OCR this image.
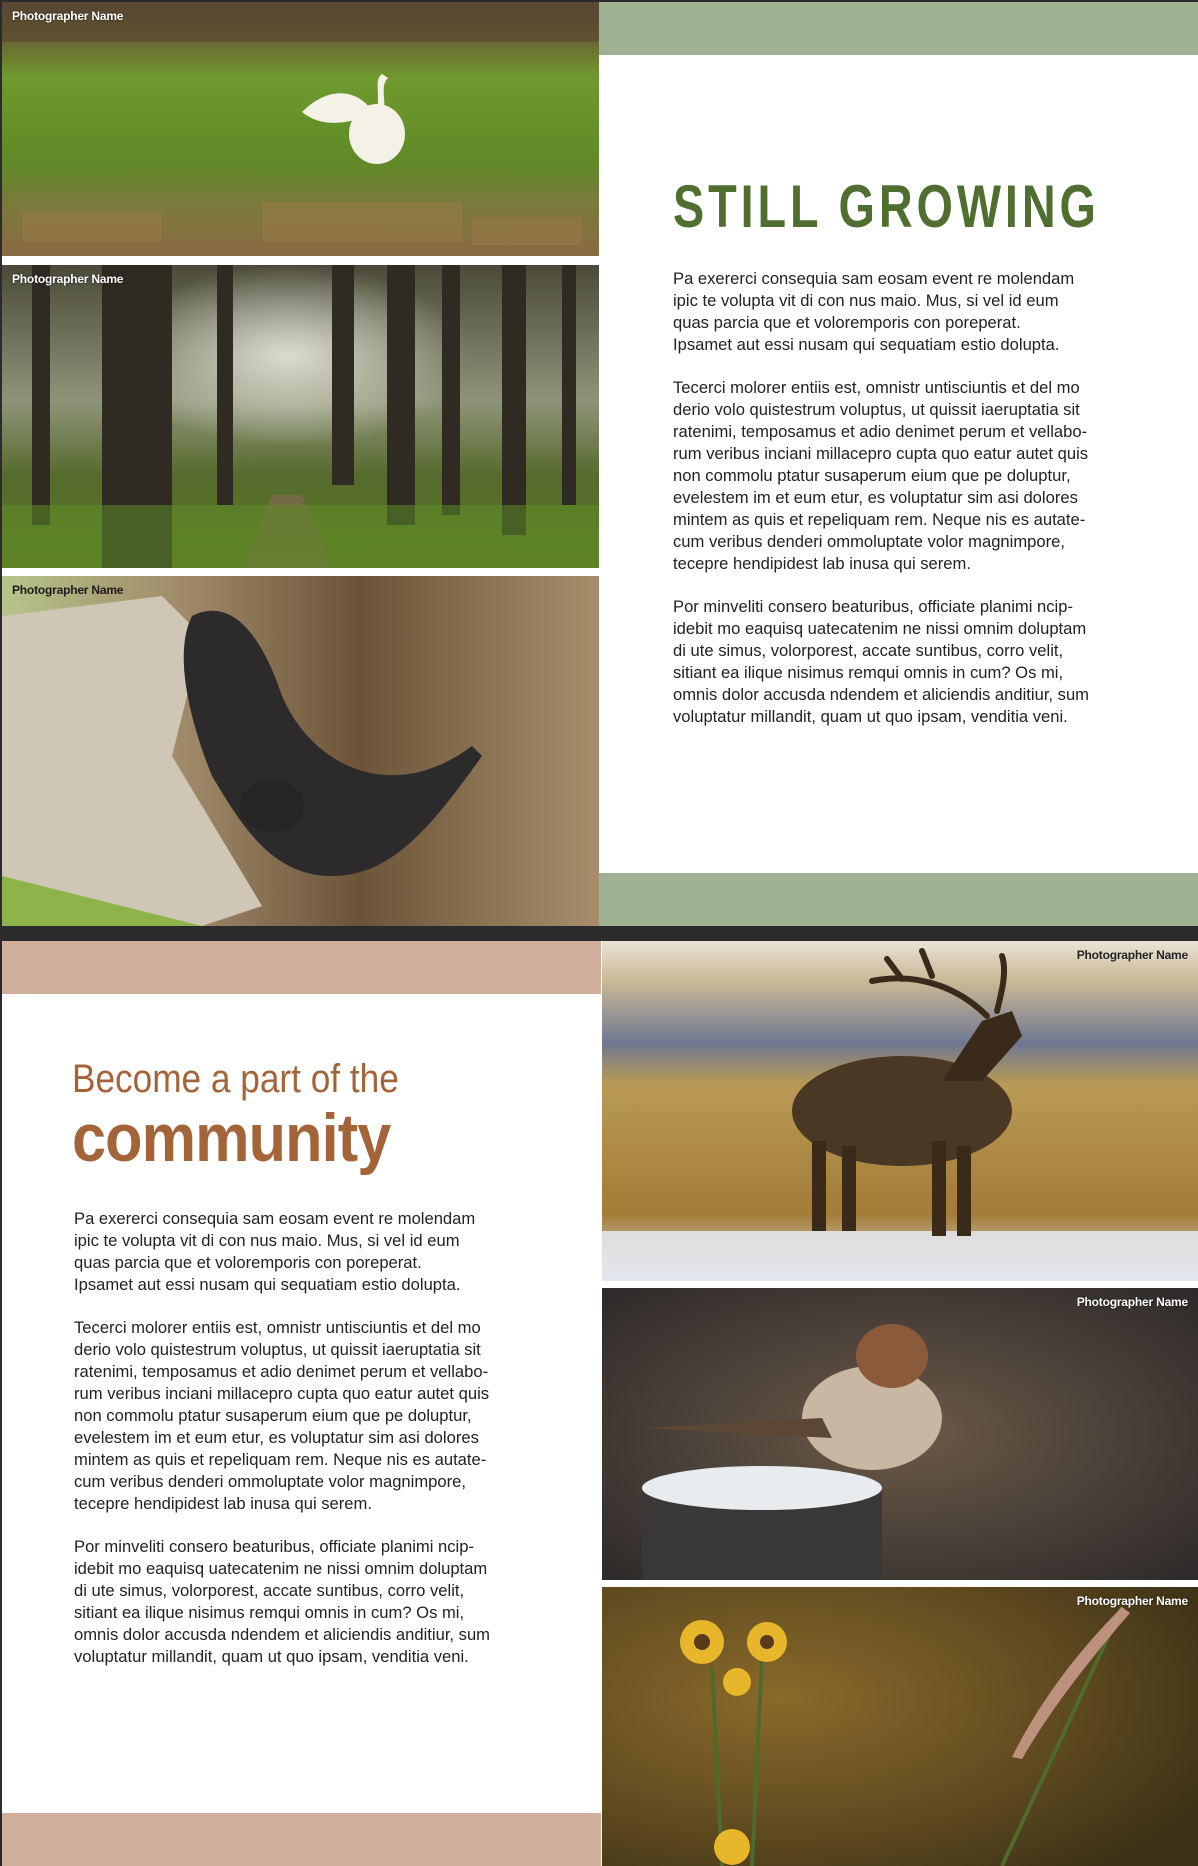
Photographer Name
Photographer Name
Photographer Name
STILL GROWING

Pa exererci consequia sam eosam event re molendam
ipic te volupta vit di con nus maio. Mus, si vel id eum
quas parcia que et voloremporis con poreperat.
Ipsamet aut essi nusam qui sequatiam estio dolupta.

Tecerci molorer entiis est, omnistr untisciuntis et del mo
derio volo quistestrum voluptus, ut quissit iaeruptatia sit
ratenimi, temposamus et adio denimet perum et vellabo-
rum veribus inciani millacepro cupta quo eatur autet quis
non commolu ptatur susaperum eium que pe doluptur,
evelestem im et eum etur, es voluptatur sim asi dolores
mintem as quis et repeliquam rem. Neque nis es autate-
cum veribus denderi ommoluptate volor magnimpore,
tecepre hendipidest lab inusa qui serem.

Por minveliti consero beaturibus, officiate planimi ncip-
idebit mo eaquisq uatecatenim ne nissi omnim doluptam
di ute simus, volorporest, accate suntibus, corro velit,
sitiant ea ilique nisimus remqui omnis in cum? Os mi,
omnis dolor accusda ndendem et aliciendis anditiur, sum
voluptatur millandit, quam ut quo ipsam, venditia veni.

Photographer Name
Photographer Name
Photographer Name
Become a part of the
community

Pa exererci consequia sam eosam event re molendam
ipic te volupta vit di con nus maio. Mus, si vel id eum
quas parcia que et voloremporis con poreperat.
Ipsamet aut essi nusam qui sequatiam estio dolupta.

Tecerci molorer entiis est, omnistr untisciuntis et del mo
derio volo quistestrum voluptus, ut quissit iaeruptatia sit
ratenimi, temposamus et adio denimet perum et vellabo-
rum veribus inciani millacepro cupta quo eatur autet quis
non commolu ptatur susaperum eium que pe doluptur,
evelestem im et eum etur, es voluptatur sim asi dolores
mintem as quis et repeliquam rem. Neque nis es autate-
cum veribus denderi ommoluptate volor magnimpore,
tecepre hendipidest lab inusa qui serem.

Por minveliti consero beaturibus, officiate planimi ncip-
idebit mo eaquisq uatecatenim ne nissi omnim doluptam
di ute simus, volorporest, accate suntibus, corro velit,
sitiant ea ilique nisimus remqui omnis in cum? Os mi,
omnis dolor accusda ndendem et aliciendis anditiur, sum
voluptatur millandit, quam ut quo ipsam, venditia veni.
